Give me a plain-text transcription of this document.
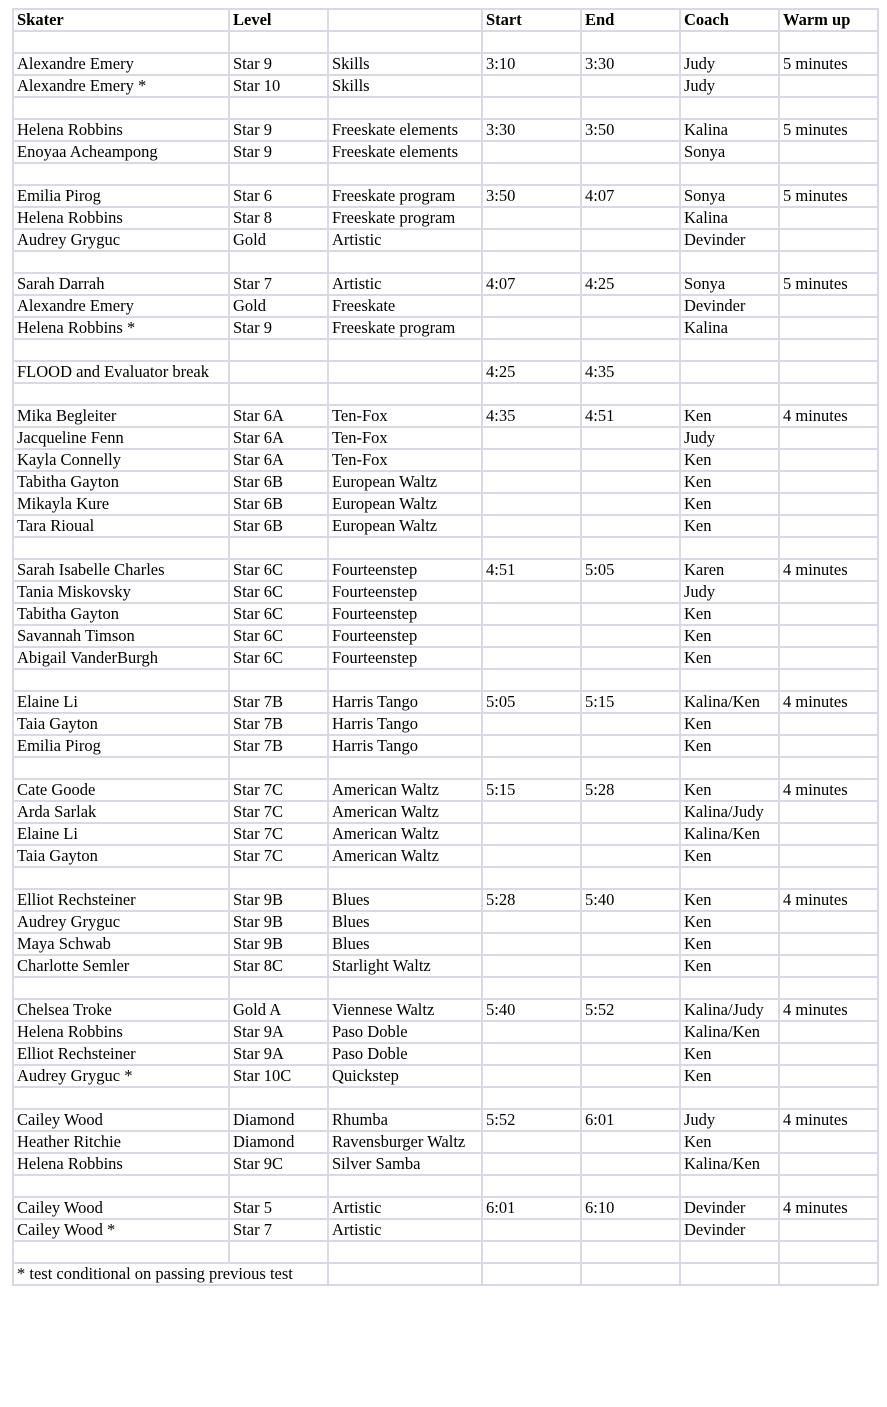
Skater	Level		Start	End	Coach	Warm up

Alexandre Emery	Star 9	Skills	3:10	3:30	Judy	5 minutes
Alexandre Emery *	Star 10	Skills			Judy	

Helena Robbins	Star 9	Freeskate elements	3:30	3:50	Kalina	5 minutes
Enoyaa Acheampong	Star 9	Freeskate elements			Sonya	

Emilia Pirog	Star 6	Freeskate program	3:50	4:07	Sonya	5 minutes
Helena Robbins	Star 8	Freeskate program			Kalina	
Audrey Gryguc	Gold	Artistic			Devinder	

Sarah Darrah	Star 7	Artistic	4:07	4:25	Sonya	5 minutes
Alexandre Emery	Gold	Freeskate			Devinder	
Helena Robbins *	Star 9	Freeskate program			Kalina	

FLOOD and Evaluator break			4:25	4:35		

Mika Begleiter	Star 6A	Ten-Fox	4:35	4:51	Ken	4 minutes
Jacqueline Fenn	Star 6A	Ten-Fox			Judy	
Kayla Connelly	Star 6A	Ten-Fox			Ken	
Tabitha Gayton	Star 6B	European Waltz			Ken	
Mikayla Kure	Star 6B	European Waltz			Ken	
Tara Rioual	Star 6B	European Waltz			Ken	

Sarah Isabelle Charles	Star 6C	Fourteenstep	4:51	5:05	Karen	4 minutes
Tania Miskovsky	Star 6C	Fourteenstep			Judy	
Tabitha Gayton	Star 6C	Fourteenstep			Ken	
Savannah Timson	Star 6C	Fourteenstep			Ken	
Abigail VanderBurgh	Star 6C	Fourteenstep			Ken	

Elaine Li	Star 7B	Harris Tango	5:05	5:15	Kalina/Ken	4 minutes
Taia Gayton	Star 7B	Harris Tango			Ken	
Emilia Pirog	Star 7B	Harris Tango			Ken	

Cate Goode	Star 7C	American Waltz	5:15	5:28	Ken	4 minutes
Arda Sarlak	Star 7C	American Waltz			Kalina/Judy	
Elaine Li	Star 7C	American Waltz			Kalina/Ken	
Taia Gayton	Star 7C	American Waltz			Ken	

Elliot Rechsteiner	Star 9B	Blues	5:28	5:40	Ken	4 minutes
Audrey Gryguc	Star 9B	Blues			Ken	
Maya Schwab	Star 9B	Blues			Ken	
Charlotte Semler	Star 8C	Starlight Waltz			Ken	

Chelsea Troke	Gold A	Viennese Waltz	5:40	5:52	Kalina/Judy	4 minutes
Helena Robbins	Star 9A	Paso Doble			Kalina/Ken	
Elliot Rechsteiner	Star 9A	Paso Doble			Ken	
Audrey Gryguc *	Star 10C	Quickstep			Ken	

Cailey Wood	Diamond	Rhumba	5:52	6:01	Judy	4 minutes
Heather Ritchie	Diamond	Ravensburger Waltz			Ken	
Helena Robbins	Star 9C	Silver Samba			Kalina/Ken	

Cailey Wood	Star 5	Artistic	6:01	6:10	Devinder	4 minutes
Cailey Wood *	Star 7	Artistic			Devinder	

* test conditional on passing previous test						
